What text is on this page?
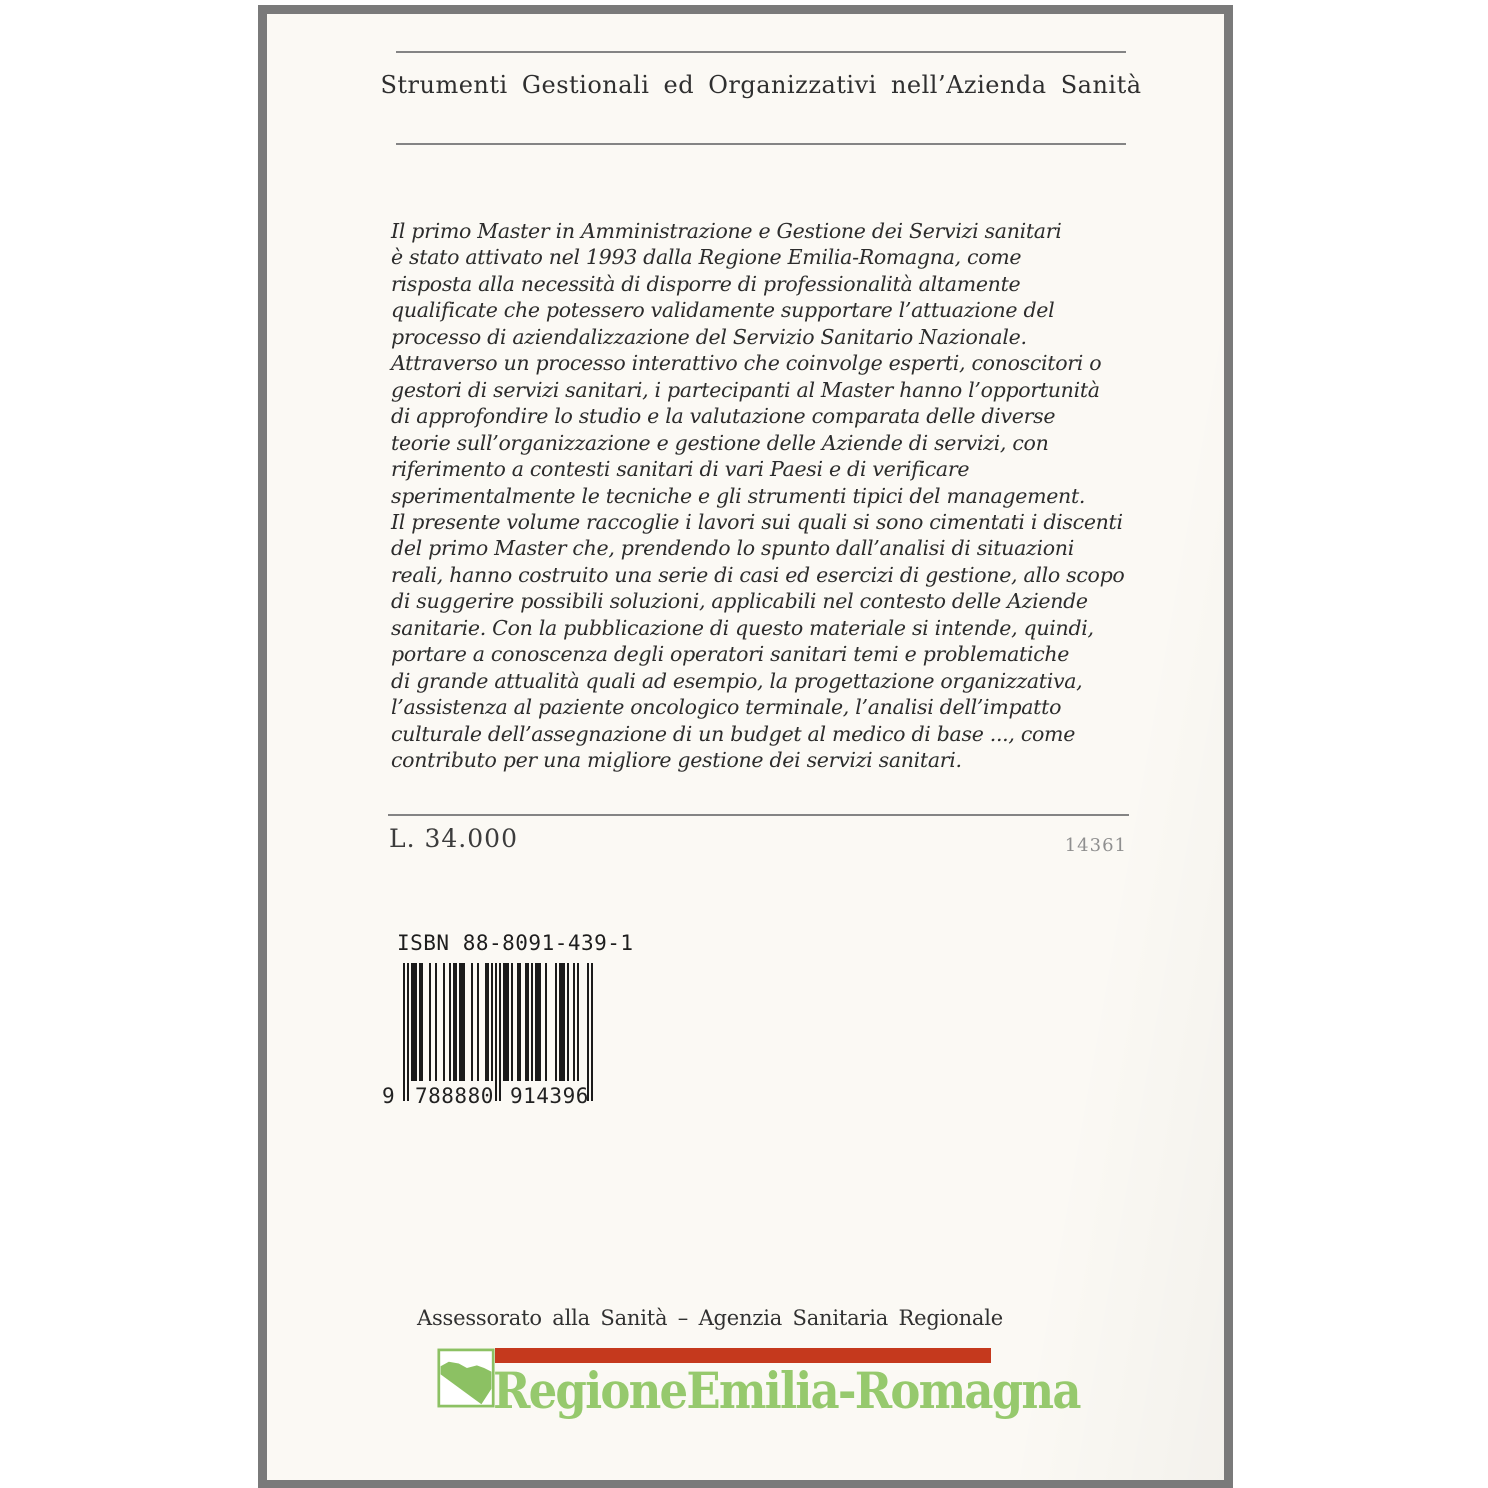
Strumenti Gestionali ed Organizzativi nell’Azienda Sanità
Il primo Master in Amministrazione e Gestione dei Servizi sanitari
è stato attivato nel 1993 dalla Regione Emilia-Romagna, come
risposta alla necessità di disporre di professionalità altamente
qualificate che potessero validamente supportare l’attuazione del
processo di aziendalizzazione del Servizio Sanitario Nazionale.
Attraverso un processo interattivo che coinvolge esperti, conoscitori o
gestori di servizi sanitari, i partecipanti al Master hanno l’opportunità
di approfondire lo studio e la valutazione comparata delle diverse
teorie sull’organizzazione e gestione delle Aziende di servizi, con
riferimento a contesti sanitari di vari Paesi e di verificare
sperimentalmente le tecniche e gli strumenti tipici del management.
Il presente volume raccoglie i lavori sui quali si sono cimentati i discenti
del primo Master che, prendendo lo spunto dall’analisi di situazioni
reali, hanno costruito una serie di casi ed esercizi di gestione, allo scopo
di suggerire possibili soluzioni, applicabili nel contesto delle Aziende
sanitarie. Con la pubblicazione di questo materiale si intende, quindi,
portare a conoscenza degli operatori sanitari temi e problematiche
di grande attualità quali ad esempio, la progettazione organizzativa,
l’assistenza al paziente oncologico terminale, l’analisi dell’impatto
culturale dell’assegnazione di un budget al medico di base ..., come
contributo per una migliore gestione dei servizi sanitari.
L. 34.000	14361
ISBN 88-8091-439-1
9 788880 914396
Assessorato alla Sanità – Agenzia Sanitaria Regionale
RegioneEmilia-Romagna
